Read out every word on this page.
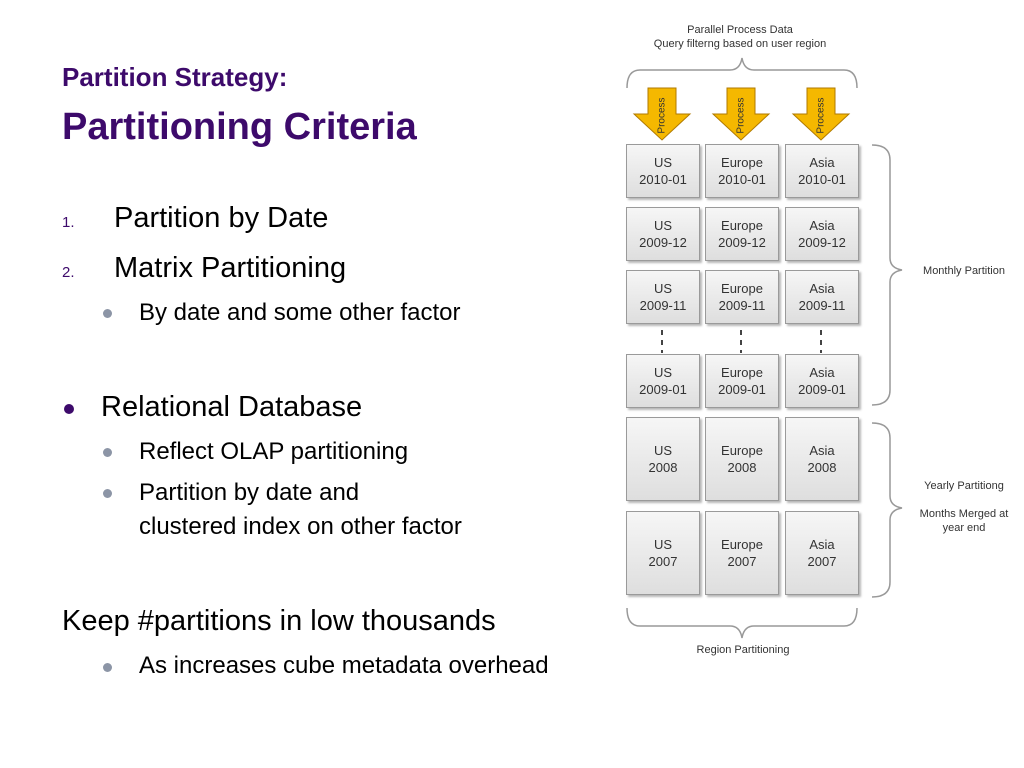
Partition Strategy:
Partitioning Criteria
1. Partition by Date
2. Matrix Partitioning
By date and some other factor
Relational Database
Reflect OLAP partitioning
Partition by date and
clustered index on other factor
Keep #partitions in low thousands
As increases cube metadata overhead
Parallel Process Data
Query filterng based on user region
Process	Process	Process
US
2010-01
Europe
2010-01
Asia
2010-01
US
2009-12
Europe
2009-12
Asia
2009-12
US
2009-11
Europe
2009-11
Asia
2009-11
US
2009-01
Europe
2009-01
Asia
2009-01
US
2008
Europe
2008
Asia
2008
US
2007
Europe
2007
Asia
2007
Monthly Partition
Yearly Partitiong
Months Merged at
year end
Region Partitioning
